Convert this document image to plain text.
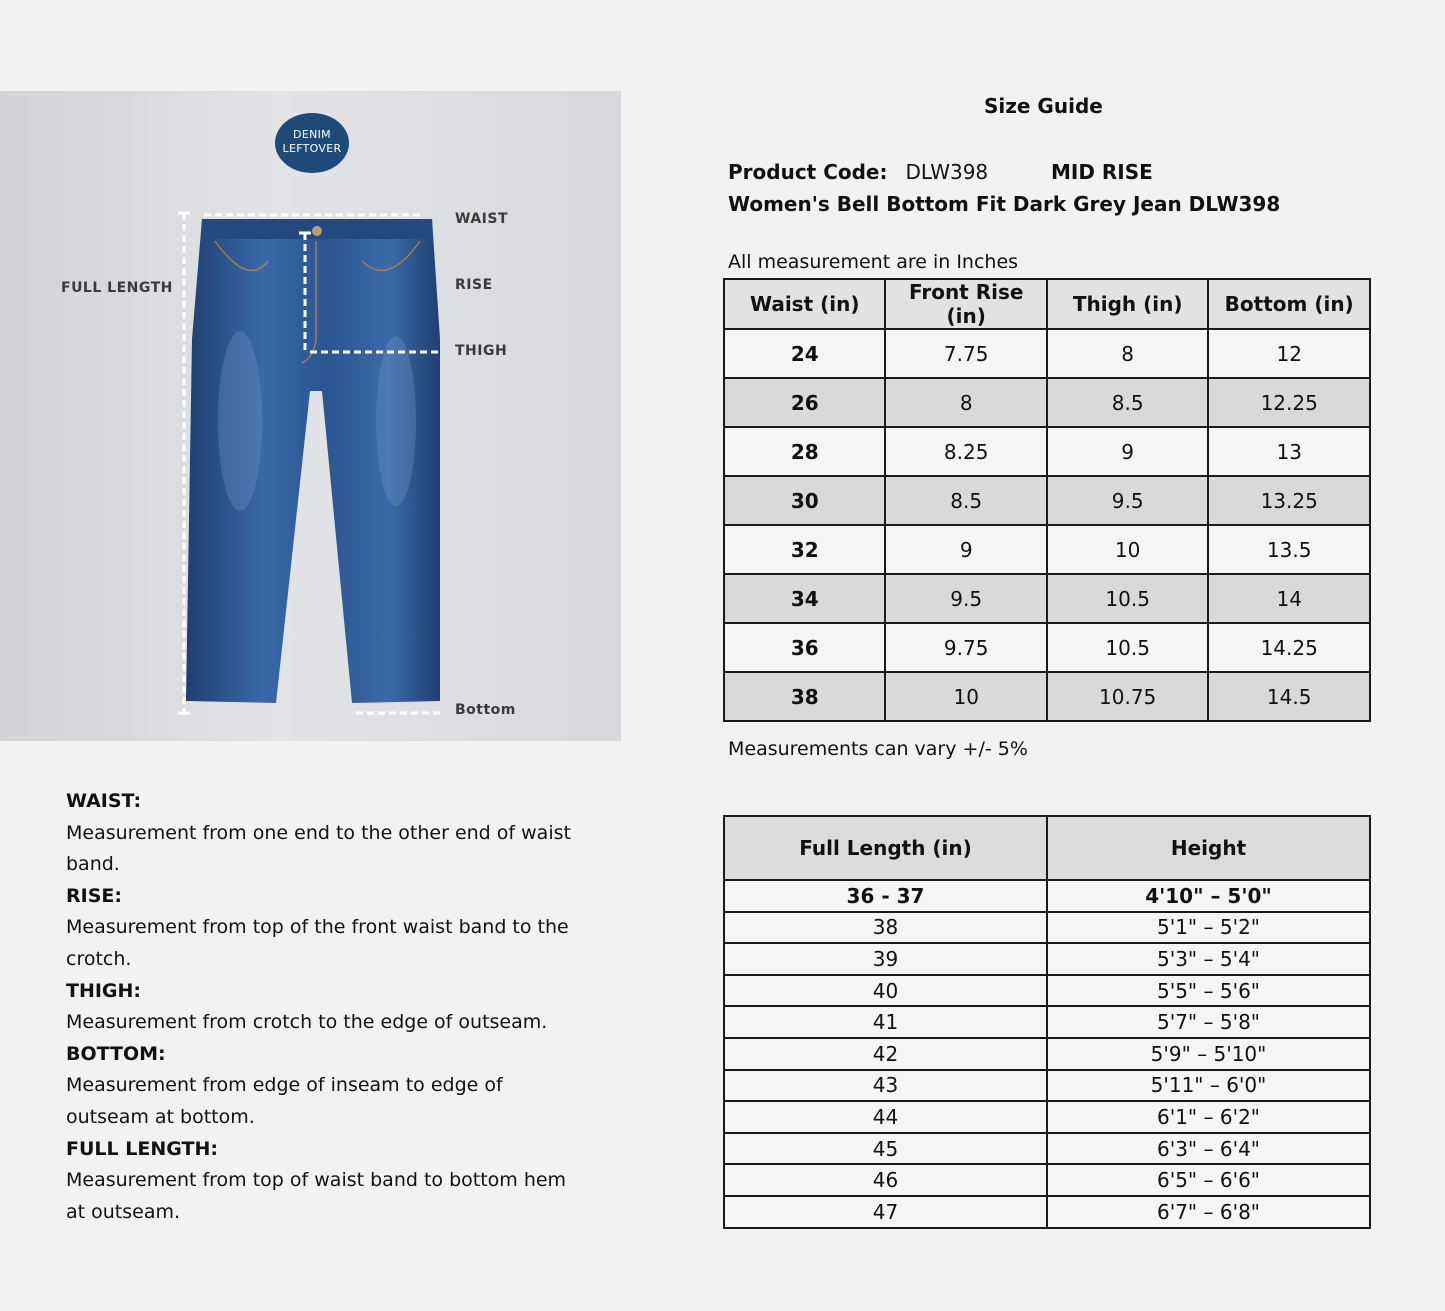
DENIM
LEFTOVER
WAIST
RISE
THIGH
FULL LENGTH
Bottom
WAIST:
Measurement from one end to the other end of waist band.
RISE:
Measurement from top of the front waist band to the crotch.
THIGH:
Measurement from crotch to the edge of outseam.
BOTTOM:
Measurement from edge of inseam to edge of outseam at bottom.
FULL LENGTH:
Measurement from top of waist band to bottom hem at outseam.
Size Guide
Product Code: DLW398	MID RISE
Women's Bell Bottom Fit Dark Grey Jean DLW398
All measurement are in Inches
Waist (in)	Front Rise (in)	Thigh (in)	Bottom (in)
24	7.75	8	12
26	8	8.5	12.25
28	8.25	9	13
30	8.5	9.5	13.25
32	9	10	13.5
34	9.5	10.5	14
36	9.75	10.5	14.25
38	10	10.75	14.5
Measurements can vary +/- 5%
Full Length (in)	Height
36 - 37	4'10" – 5'0"
38	5'1" – 5'2"
39	5'3" – 5'4"
40	5'5" – 5'6"
41	5'7" – 5'8"
42	5'9" – 5'10"
43	5'11" – 6'0"
44	6'1" – 6'2"
45	6'3" – 6'4"
46	6'5" – 6'6"
47	6'7" – 6'8"
